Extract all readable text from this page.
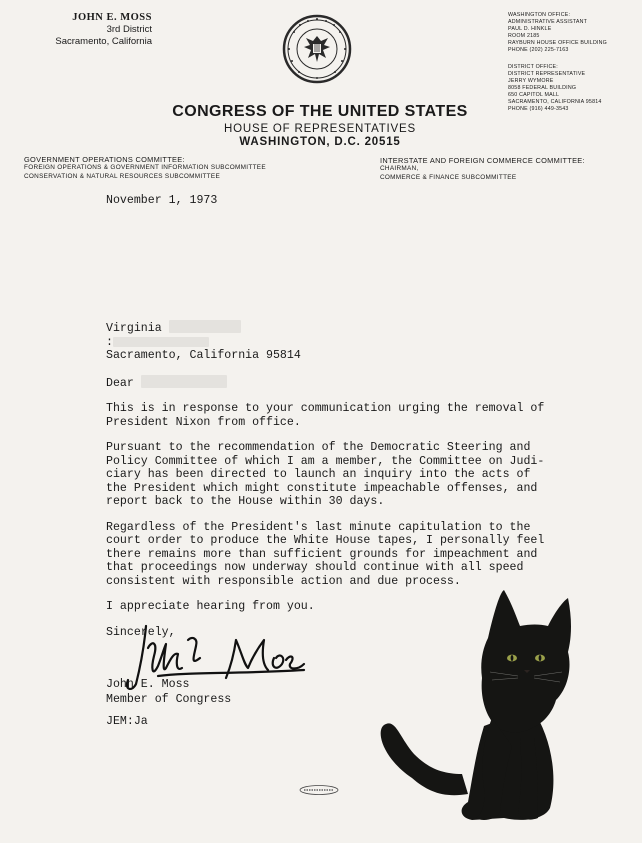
JOHN E. MOSS
3rd District
Sacramento, California
WASHINGTON OFFICE:
ADMINISTRATIVE ASSISTANT
PAUL D. HINKLE
ROOM 2185
RAYBURN HOUSE OFFICE BUILDING
PHONE (202) 225-7163
DISTRICT OFFICE:
DISTRICT REPRESENTATIVE
JERRY WYMORE
8058 FEDERAL BUILDING
650 CAPITOL MALL
SACRAMENTO, CALIFORNIA 95814
PHONE (916) 449-3543
CONGRESS OF THE UNITED STATES
HOUSE OF REPRESENTATIVES
WASHINGTON, D.C. 20515
GOVERNMENT OPERATIONS COMMITTEE:
FOREIGN OPERATIONS & GOVERNMENT INFORMATION SUBCOMMITTEE
CONSERVATION & NATURAL RESOURCES SUBCOMMITTEE
INTERSTATE AND FOREIGN COMMERCE COMMITTEE:
CHAIRMAN,
COMMERCE & FINANCE SUBCOMMITTEE
November 1, 1973
Virginia
:
Sacramento, California 95814
Dear
This is in response to your communication urging the removal of
President Nixon from office.
Pursuant to the recommendation of the Democratic Steering and
Policy Committee of which I am a member, the Committee on Judi-
ciary has been directed to launch an inquiry into the acts of
the President which might constitute impeachable offenses, and
report back to the House within 30 days.
Regardless of the President's last minute capitulation to the
court order to produce the White House tapes, I personally feel
there remains more than sufficient grounds for impeachment and
that proceedings now underway should continue with all speed
consistent with responsible action and due process.
I appreciate hearing from you.
Sincerely,
John E. Moss
Member of Congress
JEM:Ja
